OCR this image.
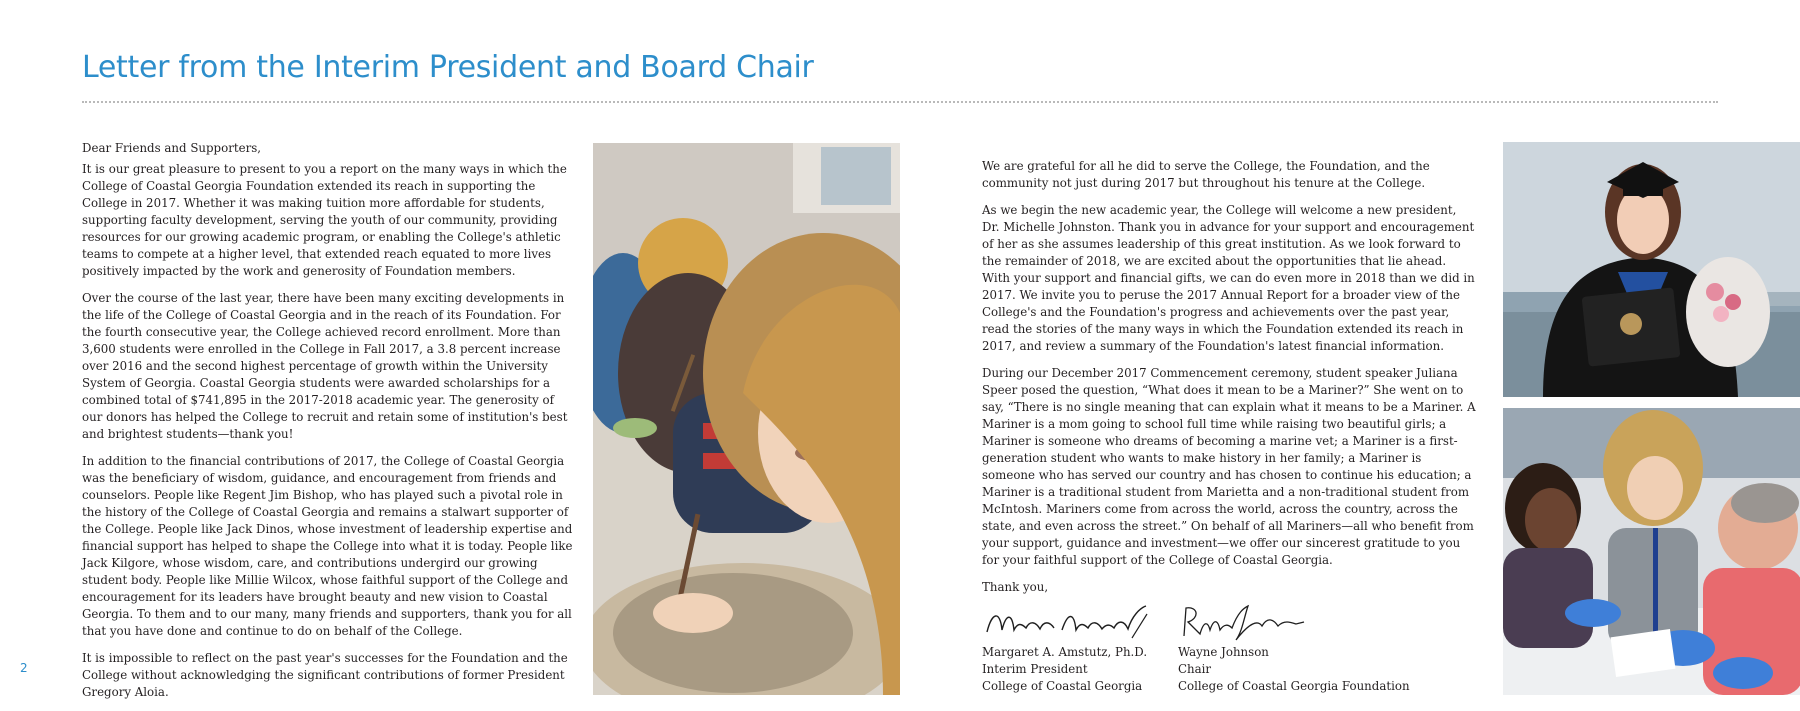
Letter from the Interim President and Board Chair

Dear Friends and Supporters,

It is our great pleasure to present to you a report on the many ways in which the College of Coastal Georgia Foundation extended its reach in supporting the College in 2017. Whether it was making tuition more affordable for students, supporting faculty development, serving the youth of our community, providing resources for our growing academic program, or enabling the College's athletic teams to compete at a higher level, that extended reach equated to more lives positively impacted by the work and generosity of Foundation members.

Over the course of the last year, there have been many exciting developments in the life of the College of Coastal Georgia and in the reach of its Foundation. For the fourth consecutive year, the College achieved record enrollment. More than 3,600 students were enrolled in the College in Fall 2017, a 3.8 percent increase over 2016 and the second highest percentage of growth within the University System of Georgia. Coastal Georgia students were awarded scholarships for a combined total of $741,895 in the 2017-2018 academic year. The generosity of our donors has helped the College to recruit and retain some of institution's best and brightest students—thank you!

In addition to the financial contributions of 2017, the College of Coastal Georgia was the beneficiary of wisdom, guidance, and encouragement from friends and counselors. People like Regent Jim Bishop, who has played such a pivotal role in the history of the College of Coastal Georgia and remains a stalwart supporter of the College. People like Jack Dinos, whose investment of leadership expertise and financial support has helped to shape the College into what it is today. People like Jack Kilgore, whose wisdom, care, and contributions undergird our growing student body. People like Millie Wilcox, whose faithful support of the College and encouragement for its leaders have brought beauty and new vision to Coastal Georgia. To them and to our many, many friends and supporters, thank you for all that you have done and continue to do on behalf of the College.

It is impossible to reflect on the past year's successes for the Foundation and the College without acknowledging the significant contributions of former President Gregory Aloia.

We are grateful for all he did to serve the College, the Foundation, and the community not just during 2017 but throughout his tenure at the College.

As we begin the new academic year, the College will welcome a new president, Dr. Michelle Johnston. Thank you in advance for your support and encouragement of her as she assumes leadership of this great institution. As we look forward to the remainder of 2018, we are excited about the opportunities that lie ahead. With your support and financial gifts, we can do even more in 2018 than we did in 2017. We invite you to peruse the 2017 Annual Report for a broader view of the College's and the Foundation's progress and achievements over the past year, read the stories of the many ways in which the Foundation extended its reach in 2017, and review a summary of the Foundation's latest financial information.

During our December 2017 Commencement ceremony, student speaker Juliana Speer posed the question, “What does it mean to be a Mariner?” She went on to say, “There is no single meaning that can explain what it means to be a Mariner. A Mariner is a mom going to school full time while raising two beautiful girls; a Mariner is someone who dreams of becoming a marine vet; a Mariner is a first-generation student who wants to make history in her family; a Mariner is someone who has served our country and has chosen to continue his education; a Mariner is a traditional student from Marietta and a non-traditional student from McIntosh. Mariners come from across the world, across the country, across the state, and even across the street.” On behalf of all Mariners—all who benefit from your support, guidance and investment—we offer our sincerest gratitude to you for your faithful support of the College of Coastal Georgia.

Thank you,

Margaret A. Amstutz, Ph.D.
Interim President
College of Coastal Georgia
Wayne Johnson
Chair
College of Coastal Georgia Foundation
2
